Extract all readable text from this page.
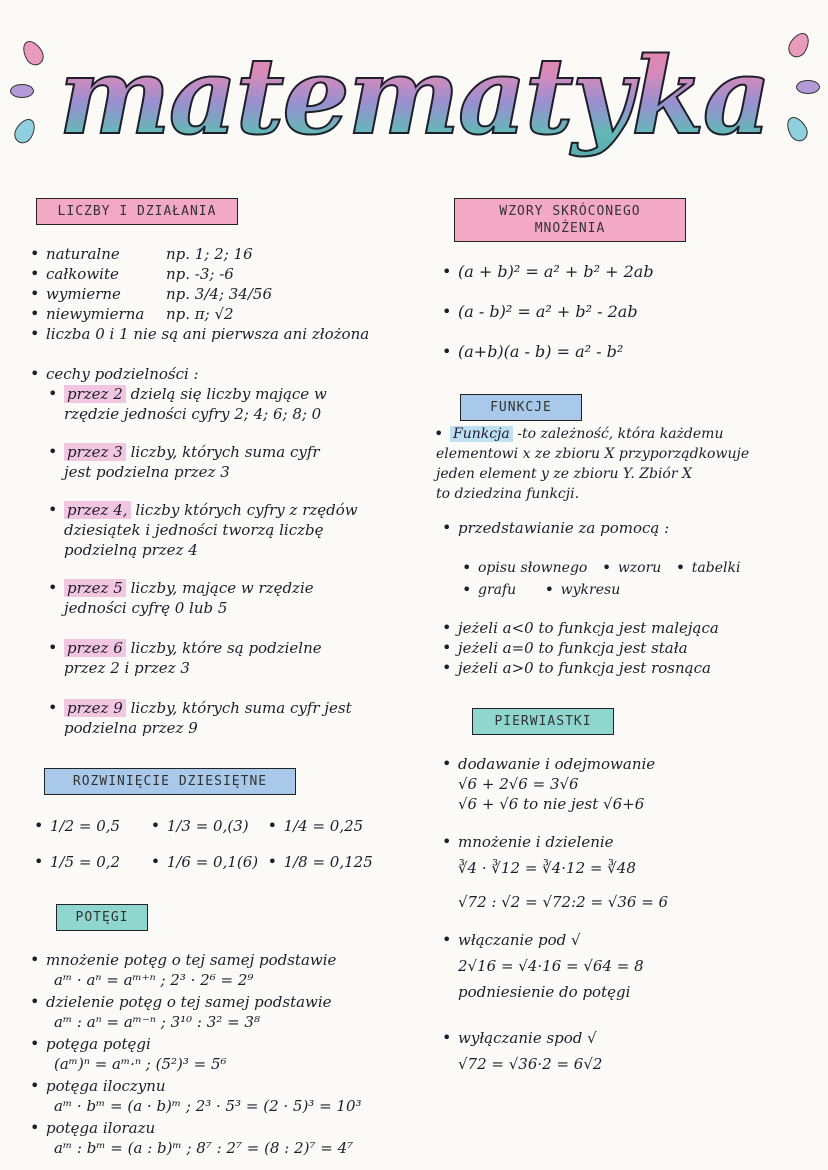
matematyka
LICZBY I DZIAŁANIA
• naturalne	np. 1; 2; 16
• całkowite	np. -3; -6
• wymierne	np. 3/4; 34/56
• niewymierna np. π; √2
• liczba 0 i 1 nie są ani pierwsza ani złożona
• cechy podzielności :
• przez 2 dzielą się liczby mające w
rzędzie jedności cyfry 2; 4; 6; 8; 0
• przez 3 liczby, których suma cyfr
jest podzielna przez 3
• przez 4, liczby których cyfry z rzędów
dziesiątek i jedności tworzą liczbę
podzielną przez 4
• przez 5 liczby, mające w rzędzie
jedności cyfrę 0 lub 5
• przez 6 liczby, które są podzielne
przez 2 i przez 3
• przez 9 liczby, których suma cyfr jest
podzielna przez 9
ROZWINIĘCIE DZIESIĘTNE
• 1/2 = 0,5	• 1/3 = 0,(3) • 1/4 = 0,25
• 1/5 = 0,2	• 1/6 = 0,1(6) • 1/8 = 0,125
POTĘGI
• mnożenie potęg o tej samej podstawie
aᵐ · aⁿ = aᵐ⁺ⁿ ; 2³ · 2⁶ = 2⁹
• dzielenie potęg o tej samej podstawie
aᵐ : aⁿ = aᵐ⁻ⁿ ; 3¹⁰ : 3² = 3⁸
• potęga potęgi
(aᵐ)ⁿ = aᵐ·ⁿ ; (5²)³ = 5⁶
• potęga iloczynu
aᵐ · bᵐ = (a · b)ᵐ ; 2³ · 5³ = (2 · 5)³ = 10³
• potęga ilorazu
aᵐ : bᵐ = (a : b)ᵐ ; 8⁷ : 2⁷ = (8 : 2)⁷ = 4⁷
WZORY SKRÓCONEGO
MNOŻENIA
• (a + b)² = a² + b² + 2ab
• (a - b)² = a² + b² - 2ab
• (a+b)(a - b) = a² - b²
FUNKCJE
• Funkcja -to zależność, która każdemu
elementowi x ze zbioru X przyporządkowuje
jeden element y ze zbioru Y. Zbiór X
to dziedzina funkcji.
• przedstawianie za pomocą :
• opisu słownego • wzoru • tabelki
• grafu	• wykresu
• jeżeli a<0 to funkcja jest malejąca
• jeżeli a=0 to funkcja jest stała
• jeżeli a>0 to funkcja jest rosnąca
PIERWIASTKI
• dodawanie i odejmowanie
√6 + 2√6 = 3√6
√6 + √6 to nie jest √6+6
• mnożenie i dzielenie
∛4 · ∛12 = ∛4·12 = ∛48
√72 : √2 = √72:2 = √36 = 6
• włączanie pod √
2√16 = √4·16 = √64 = 8
podniesienie do potęgi
• wyłączanie spod √
√72 = √36·2 = 6√2
